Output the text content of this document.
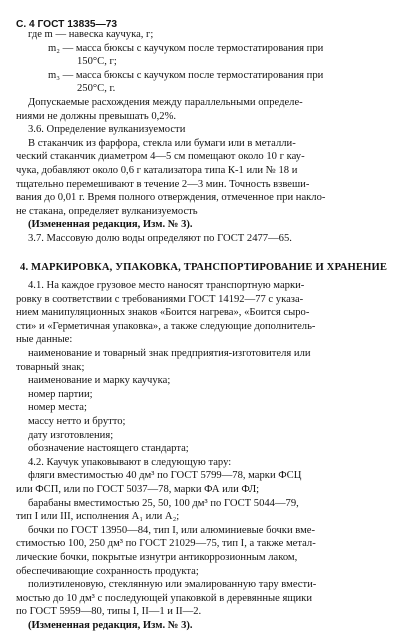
С. 4 ГОСТ 13835—73
где m — навеска каучука, г;
m₂ — масса бюксы с каучуком после термостатирования при
150°С, г;
m₃ — масса бюксы с каучуком после термостатирования при
250°С, г.
Допускаемые расхождения между параллельными определе-
ниями не должны превышать 0,2%.
3.6. Определение вулканизуемости
В стаканчик из фарфора, стекла или бумаги или в металли-
ческий стаканчик диаметром 4—5 см помещают около 10 г кау-
чука, добавляют около 0,6 г катализатора типа К-1 или № 18 и
тщательно перемешивают в течение 2—3 мин. Точность взвеши-
вания до 0,01 г. Время полного отверждения, отмеченное при накло-
не стакана, определяет вулканизуемость
(Измененная редакция, Изм. № 3).
3.7. Массовую долю воды определяют по ГОСТ 2477—65.
4. МАРКИРОВКА, УПАКОВКА, ТРАНСПОРТИРОВАНИЕ И ХРАНЕНИЕ
4.1. На каждое грузовое место наносят транспортную марки-
ровку в соответствии с требованиями ГОСТ 14192—77 с указа-
нием манипуляционных знаков «Боится нагрева», «Боится сыро-
сти» и «Герметичная упаковка», а также следующие дополнитель-
ные данные:
наименование и товарный знак предприятия-изготовителя или
товарный знак;
наименование и марку каучука;
номер партии;
номер места;
массу нетто и брутто;
дату изготовления;
обозначение настоящего стандарта;
4.2. Каучук упаковывают в следующую тару:
фляги вместимостью 40 дм³ по ГОСТ 5799—78, марки ФСЦ
или ФСП, или по ГОСТ 5037—78, марки ФА или ФЛ;
барабаны вместимостью 25, 50, 100 дм³ по ГОСТ 5044—79,
тип I или III, исполнения А₁ или А₂;
бочки по ГОСТ 13950—84, тип I, или алюминиевые бочки вме-
стимостью 100, 250 дм³ по ГОСТ 21029—75, тип I, а также метал-
лические бочки, покрытые изнутри антикоррозионным лаком,
обеспечивающие сохранность продукта;
полиэтиленовую, стеклянную или эмалированную тару вмести-
мостью до 10 дм³ с последующей упаковкой в деревянные ящики
по ГОСТ 5959—80, типы I, II—1 и II—2.
(Измененная редакция, Изм. № 3).
